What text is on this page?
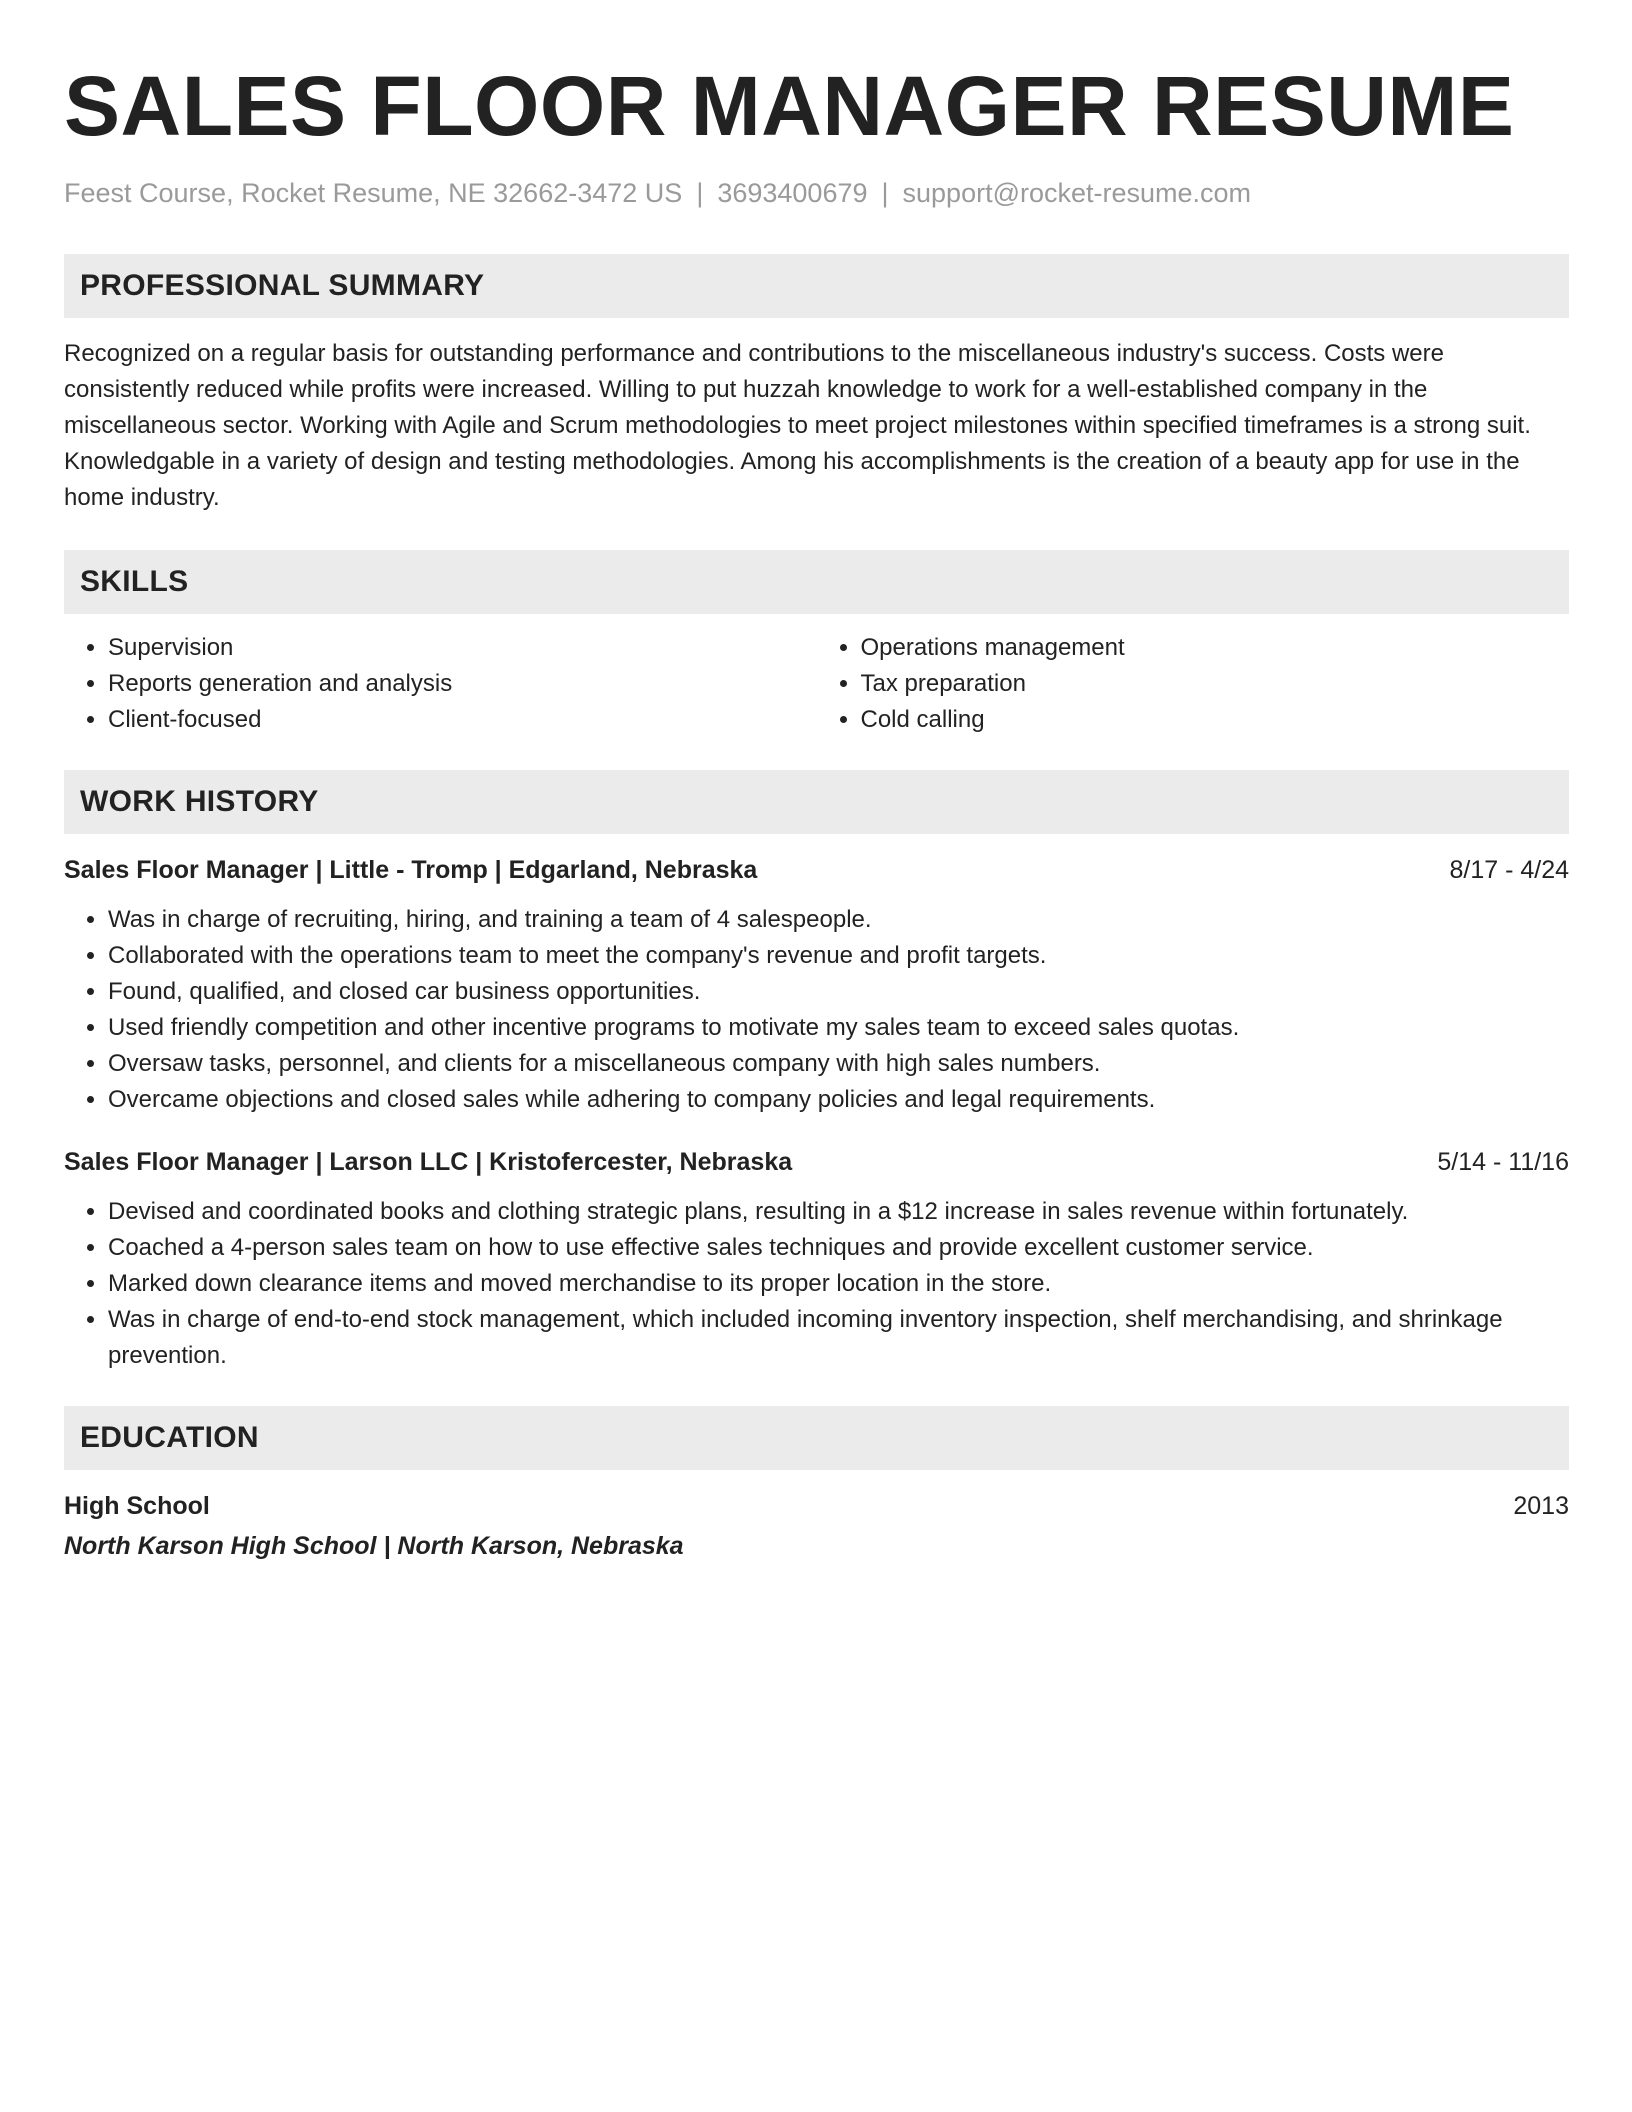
SALES FLOOR MANAGER RESUME
Feest Course, Rocket Resume, NE 32662-3472 US | 3693400679 | support@rocket-resume.com
PROFESSIONAL SUMMARY

Recognized on a regular basis for outstanding performance and contributions to the miscellaneous industry's success. Costs were consistently reduced while profits were increased. Willing to put huzzah knowledge to work for a well-established company in the miscellaneous sector. Working with Agile and Scrum methodologies to meet project milestones within specified timeframes is a strong suit. Knowledgable in a variety of design and testing methodologies. Among his accomplishments is the creation of a beauty app for use in the home industry.

SKILLS
• Supervision
• Reports generation and analysis
• Client-focused
• Operations management
• Tax preparation
• Cold calling
WORK HISTORY
Sales Floor Manager | Little - Tromp | Edgarland, Nebraska	8/17 - 4/24
• Was in charge of recruiting, hiring, and training a team of 4 salespeople.
• Collaborated with the operations team to meet the company's revenue and profit targets.
• Found, qualified, and closed car business opportunities.
• Used friendly competition and other incentive programs to motivate my sales team to exceed sales quotas.
• Oversaw tasks, personnel, and clients for a miscellaneous company with high sales numbers.
• Overcame objections and closed sales while adhering to company policies and legal requirements.
Sales Floor Manager | Larson LLC | Kristofercester, Nebraska	5/14 - 11/16
• Devised and coordinated books and clothing strategic plans, resulting in a $12 increase in sales revenue within fortunately.
• Coached a 4-person sales team on how to use effective sales techniques and provide excellent customer service.
• Marked down clearance items and moved merchandise to its proper location in the store.
• Was in charge of end-to-end stock management, which included incoming inventory inspection, shelf merchandising, and shrinkage prevention.
EDUCATION
High School	2013
North Karson High School | North Karson, Nebraska
